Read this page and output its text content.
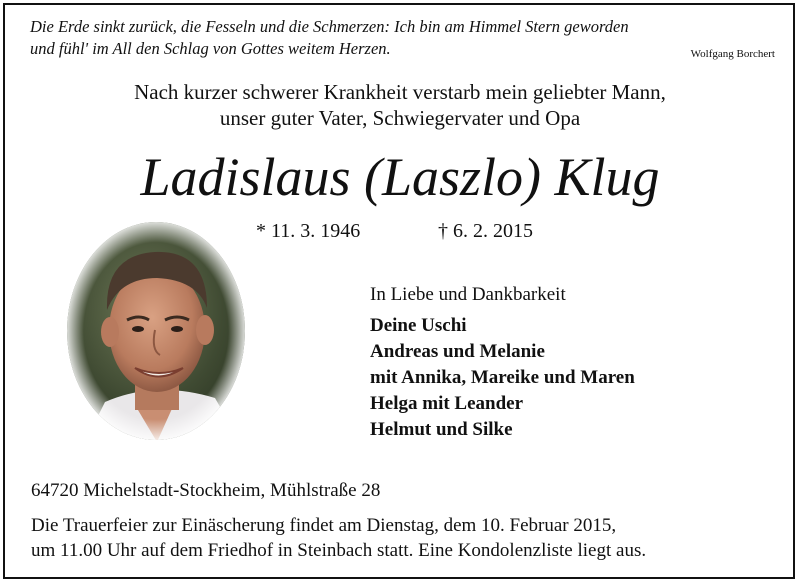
Die Erde sinkt zurück, die Fesseln und die Schmerzen: Ich bin am Himmel Stern geworden
und fühl' im All den Schlag von Gottes weitem Herzen.	Wolfgang Borchert
Nach kurzer schwerer Krankheit verstarb mein geliebter Mann,
unser guter Vater, Schwiegervater und Opa
Ladislaus (Laszlo) Klug
* 11. 3. 1946	† 6. 2. 2015
In Liebe und Dankbarkeit
Deine Uschi
Andreas und Melanie
mit Annika, Mareike und Maren
Helga mit Leander
Helmut und Silke
64720 Michelstadt-Stockheim, Mühlstraße 28
Die Trauerfeier zur Einäscherung findet am Dienstag, dem 10. Februar 2015,
um 11.00 Uhr auf dem Friedhof in Steinbach statt. Eine Kondolenzliste liegt aus.
